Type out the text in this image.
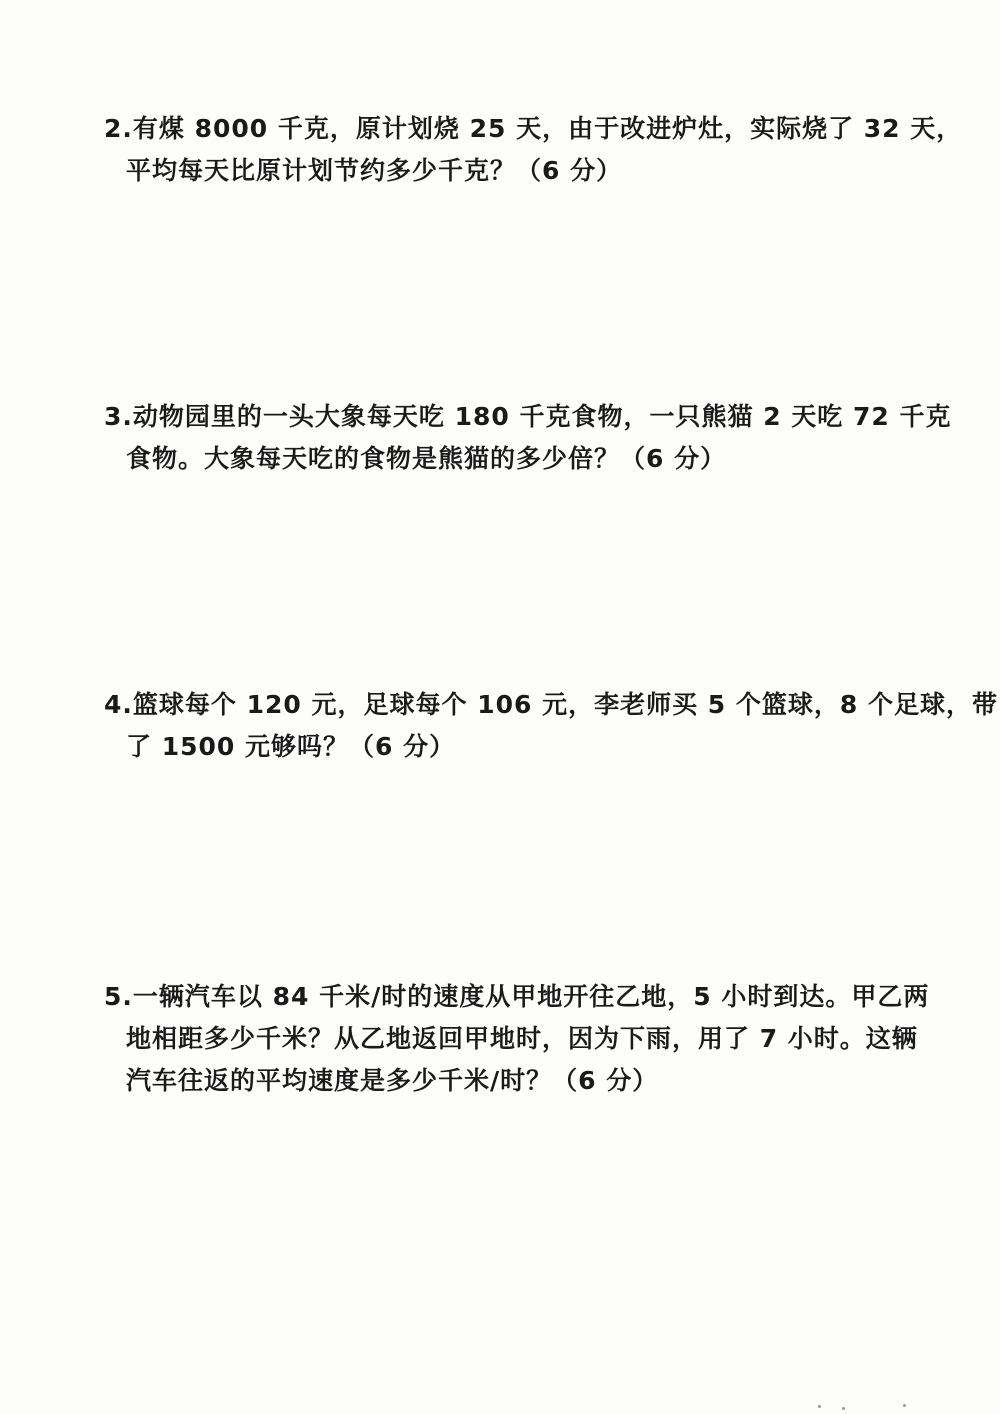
2.有煤 8000 千克，原计划烧 25 天，由于改进炉灶，实际烧了 32 天，
平均每天比原计划节约多少千克？（6 分）
3.动物园里的一头大象每天吃 180 千克食物，一只熊猫 2 天吃 72 千克
食物。大象每天吃的食物是熊猫的多少倍？（6 分）
4.篮球每个 120 元，足球每个 106 元，李老师买 5 个篮球，8 个足球，带
了 1500 元够吗？（6 分）
5.一辆汽车以 84 千米/时的速度从甲地开往乙地，5 小时到达。甲乙两
地相距多少千米？从乙地返回甲地时，因为下雨，用了 7 小时。这辆
汽车往返的平均速度是多少千米/时？（6 分）
